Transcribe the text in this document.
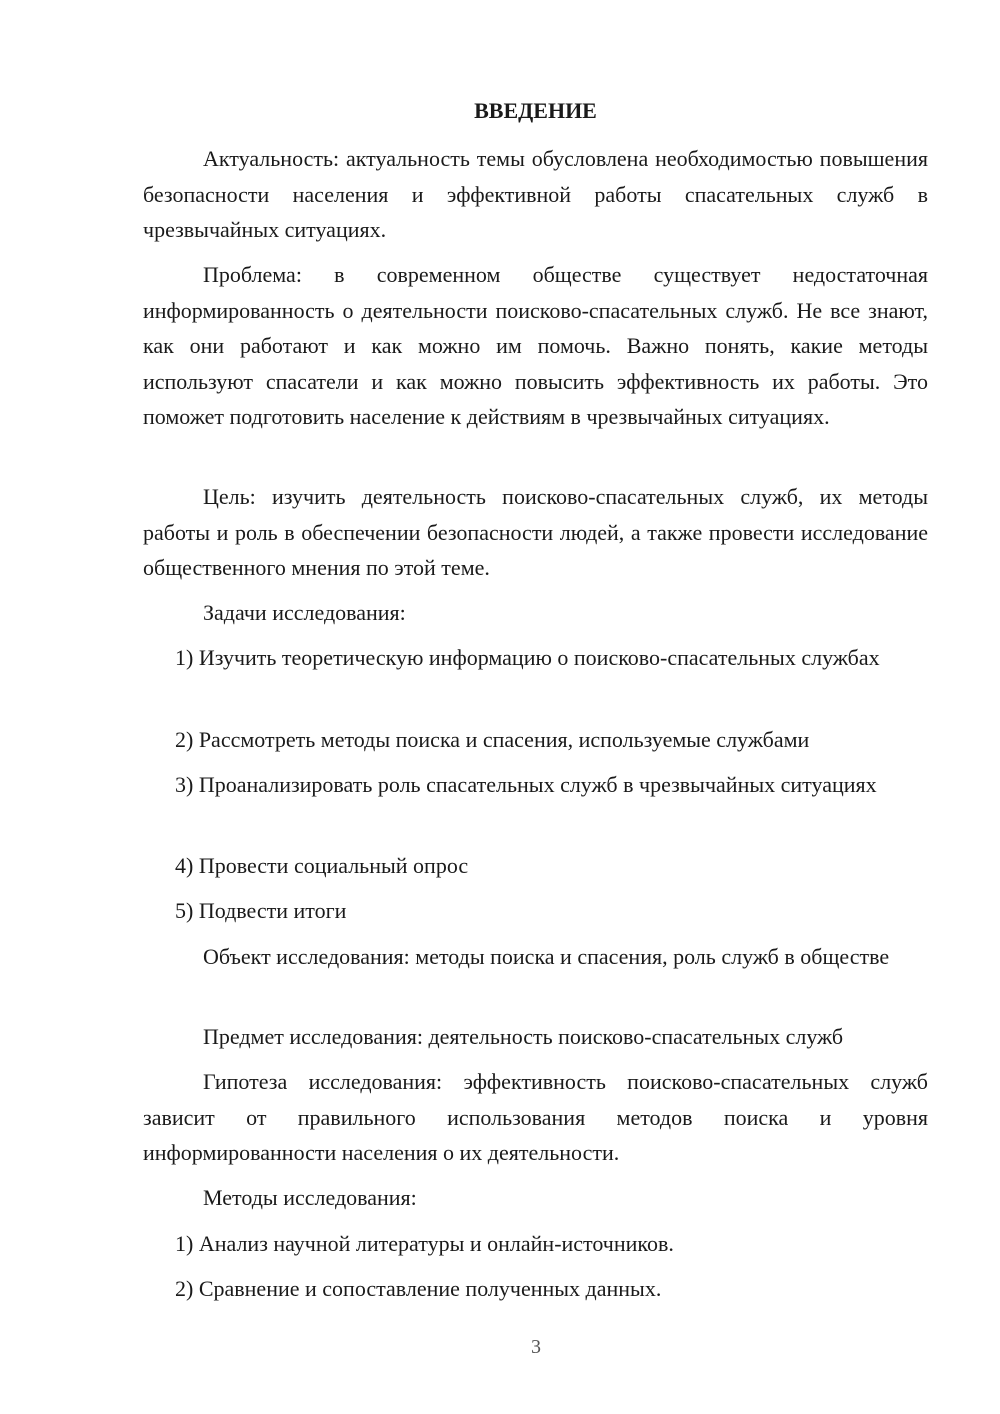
ВВЕДЕНИЕ

Актуальность: актуальность темы обусловлена необходимостью повышения безопасности населения и эффективной работы спасательных служб в чрезвычайных ситуациях.

Проблема: в современном обществе существует недостаточная информированность о деятельности поисково-спасательных служб. Не все знают, как они работают и как можно им помочь. Важно понять, какие методы используют спасатели и как можно повысить эффективность их работы. Это поможет подготовить население к действиям в чрезвычайных ситуациях.

Цель: изучить деятельность поисково-спасательных служб, их методы работы и роль в обеспечении безопасности людей, а также провести исследование общественного мнения по этой теме.

Задачи исследования:

1) Изучить теоретическую информацию о поисково-спасательных службах

2) Рассмотреть методы поиска и спасения, используемые службами

3) Проанализировать роль спасательных служб в чрезвычайных ситуациях

4) Провести социальный опрос

5) Подвести итоги

Объект исследования: методы поиска и спасения, роль служб в обществе

Предмет исследования: деятельность поисково-спасательных служб

Гипотеза исследования: эффективность поисково-спасательных служб зависит от правильного использования методов поиска и уровня информированности населения о их деятельности.

Методы исследования:

1) Анализ научной литературы и онлайн-источников.

2) Сравнение и сопоставление полученных данных.

3
